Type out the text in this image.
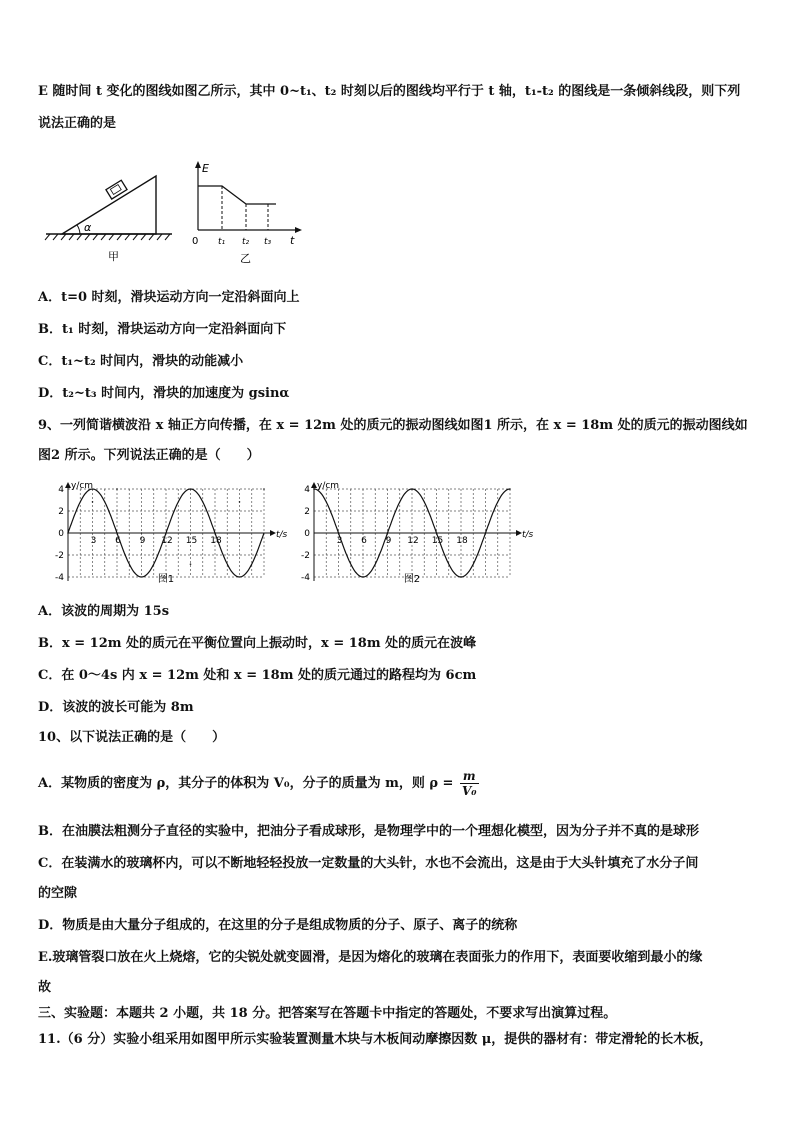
E 随时间 t 变化的图线如图乙所示，其中 0~t₁、t₂ 时刻以后的图线均平行于 t 轴，t₁-t₂ 的图线是一条倾斜线段，则下列
说法正确的是
α
甲
E
t
0 t₁ t₂ t₃
乙
A．t=0 时刻，滑块运动方向一定沿斜面向上
B．t₁ 时刻，滑块运动方向一定沿斜面向下
C．t₁~t₂ 时间内，滑块的动能减小
D．t₂~t₃ 时间内，滑块的加速度为 gsinα
9、一列简谐横波沿 x 轴正方向传播，在 x = 12m 处的质元的振动图线如图1 所示，在 x = 18m 处的质元的振动图线如
图2 所示。下列说法正确的是（　　）
y/cm
t/s
-4
-2
0
2
4
3 6 9 12 15 18
图1
y/cm
t/s
-4
-2
0
2
4
3 6 9 12 15 18
图2
A．该波的周期为 15s
B．x = 12m 处的质元在平衡位置向上振动时，x = 18m 处的质元在波峰
C．在 0～4s 内 x = 12m 处和 x = 18m 处的质元通过的路程均为 6cm
D．该波的波长可能为 8m
10、以下说法正确的是（　　）
A．某物质的密度为 ρ，其分子的体积为 V₀，分子的质量为 m，则 $\rho = \frac{m}{\text{V₀}}$
B．在油膜法粗测分子直径的实验中，把油分子看成球形，是物理学中的一个理想化模型，因为分子并不真的是球形
C．在装满水的玻璃杯内，可以不断地轻轻投放一定数量的大头针，水也不会流出，这是由于大头针填充了水分子间
的空隙
D．物质是由大量分子组成的，在这里的分子是组成物质的分子、原子、离子的统称
E.玻璃管裂口放在火上烧熔，它的尖锐处就变圆滑，是因为熔化的玻璃在表面张力的作用下，表面要收缩到最小的缘
故
三、实验题：本题共 2 小题，共 18 分。把答案写在答题卡中指定的答题处，不要求写出演算过程。
11.（6 分）实验小组采用如图甲所示实验装置测量木块与木板间动摩擦因数 μ，提供的器材有：带定滑轮的长木板，
